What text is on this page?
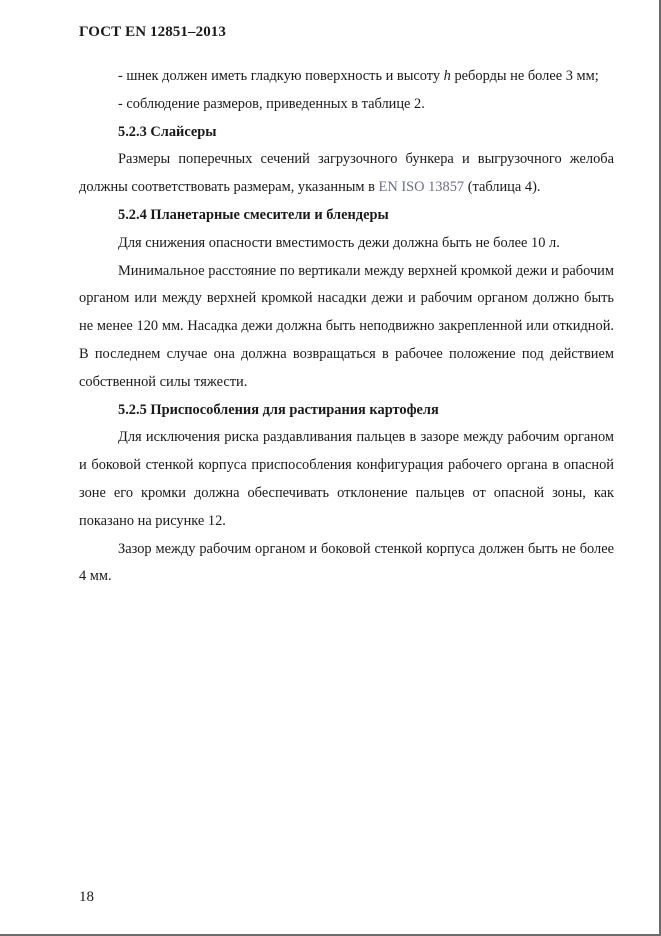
ГОСТ EN 12851–2013

- шнек должен иметь гладкую поверхность и высоту h реборды не более 3 мм;

- соблюдение размеров, приведенных в таблице 2.

5.2.3 Слайсеры

Размеры поперечных сечений загрузочного бункера и выгрузочного желоба должны соответствовать размерам, указанным в EN ISO 13857 (таблица 4).

5.2.4 Планетарные смесители и блендеры

Для снижения опасности вместимость дежи должна быть не более 10 л.

Минимальное расстояние по вертикали между верхней кромкой дежи и рабочим органом или между верхней кромкой насадки дежи и рабочим органом должно быть не менее 120 мм. Насадка дежи должна быть неподвижно закрепленной или откидной. В последнем случае она должна возвращаться в рабочее положение под действием собственной силы тяжести.

5.2.5 Приспособления для растирания картофеля

Для исключения риска раздавливания пальцев в зазоре между рабочим органом и боковой стенкой корпуса приспособления конфигурация рабочего органа в опасной зоне его кромки должна обеспечивать отклонение пальцев от опасной зоны, как показано на рисунке 12.

Зазор между рабочим органом и боковой стенкой корпуса должен быть не более 4 мм.

18
